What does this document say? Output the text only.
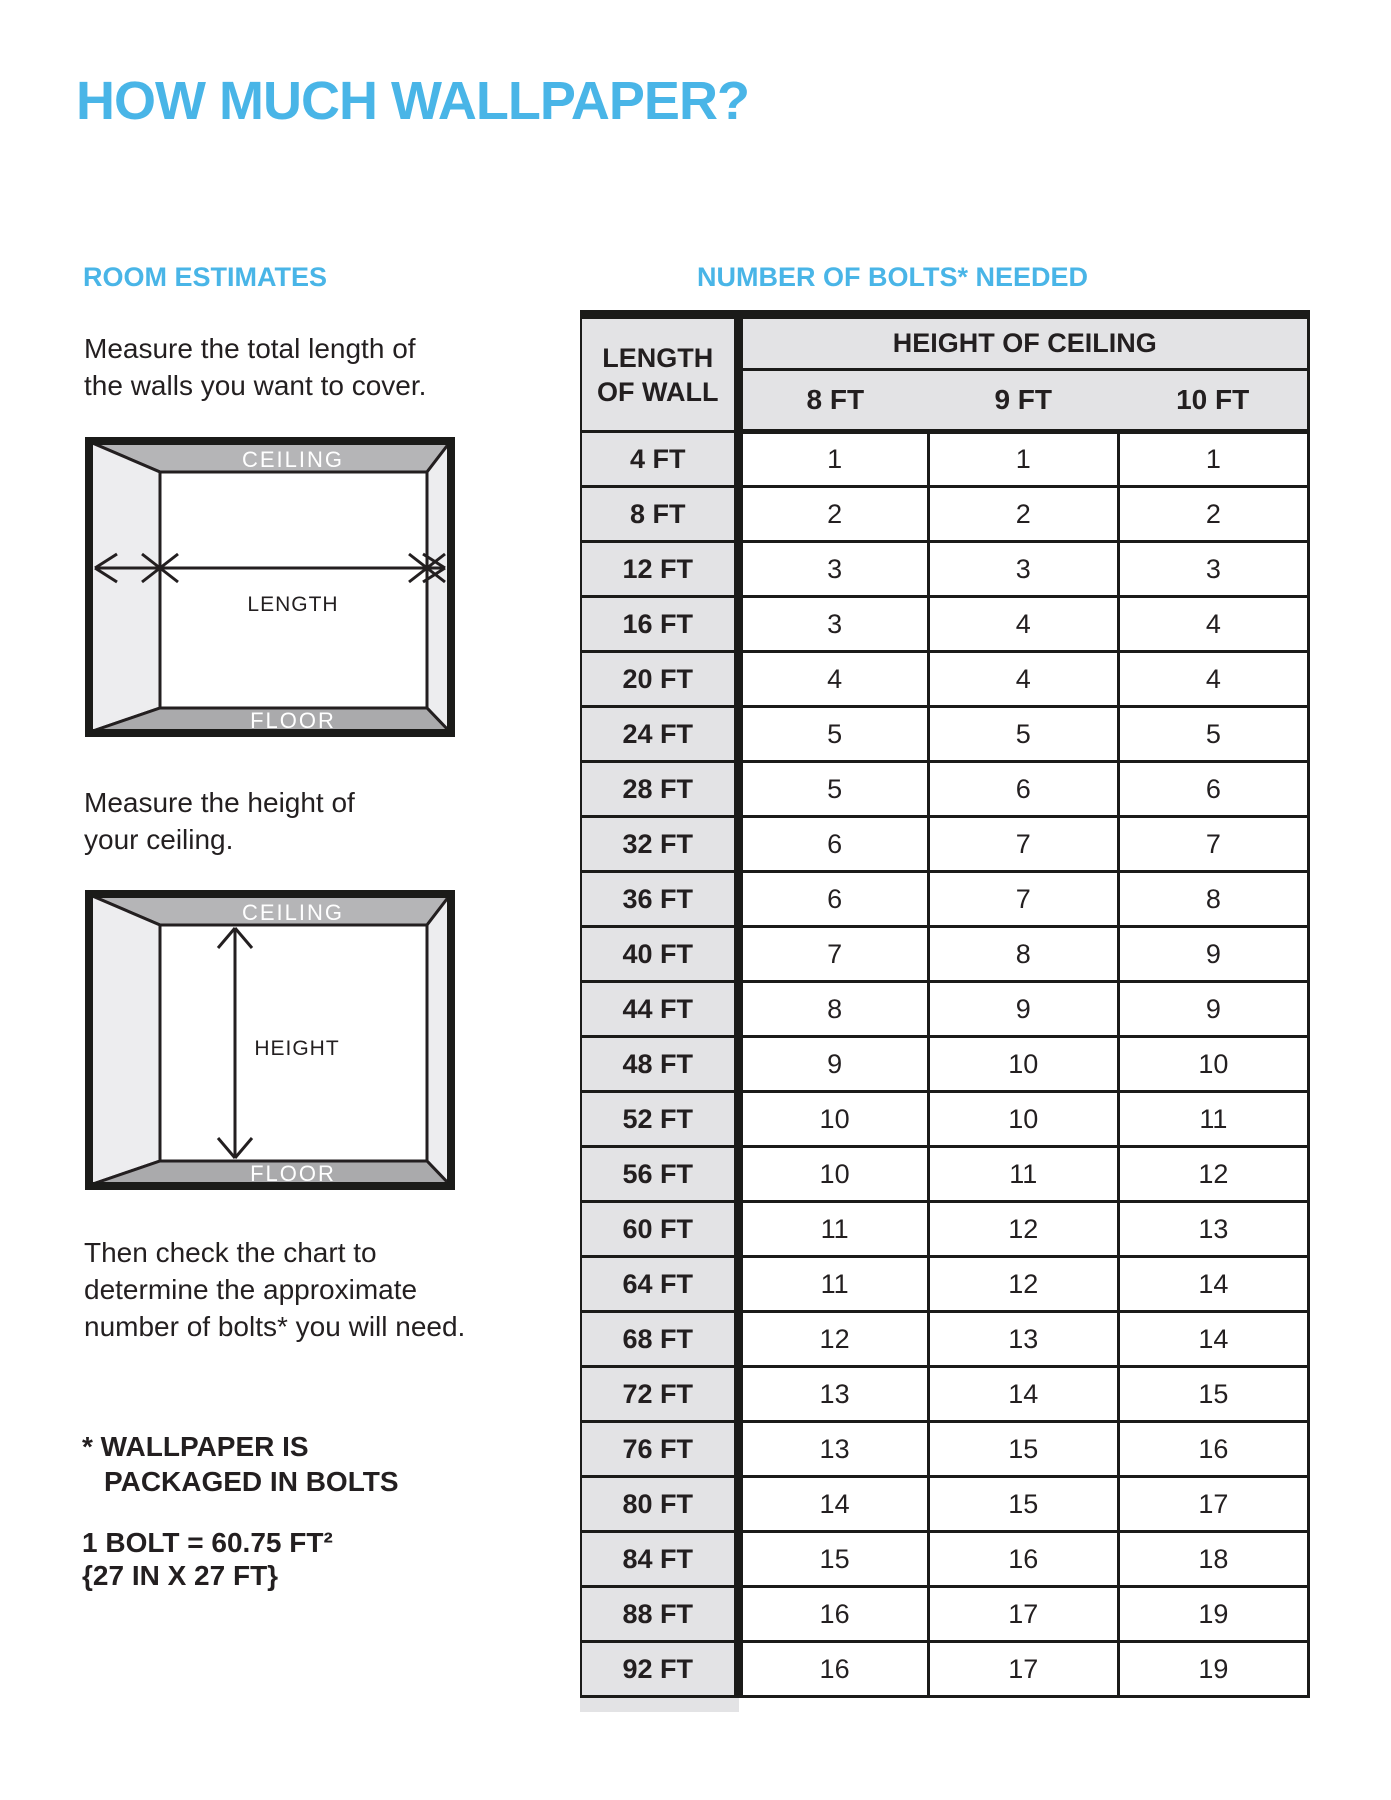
HOW MUCH WALLPAPER?
ROOM ESTIMATES

Measure the total length of
the walls you want to cover.

CEILING
LENGTH
FLOOR

Measure the height of
your ceiling.

CEILING
HEIGHT
FLOOR

Then check the chart to
determine the approximate
number of bolts* you will need.

* WALLPAPER IS
PACKAGED IN BOLTS
1 BOLT = 60.75 FT²
{27 IN X 27 FT}
NUMBER OF BOLTS* NEEDED
LENGTH
OF WALL	HEIGHT OF CEILING		
	8 FT	9 FT	10 FT
4 FT	1	1	1
8 FT	2	2	2
12 FT	3	3	3
16 FT	3	4	4
20 FT	4	4	4
24 FT	5	5	5
28 FT	5	6	6
32 FT	6	7	7
36 FT	6	7	8
40 FT	7	8	9
44 FT	8	9	9
48 FT	9	10	10
52 FT	10	10	11
56 FT	10	11	12
60 FT	11	12	13
64 FT	11	12	14
68 FT	12	13	14
72 FT	13	14	15
76 FT	13	15	16
80 FT	14	15	17
84 FT	15	16	18
88 FT	16	17	19
92 FT	16	17	19
